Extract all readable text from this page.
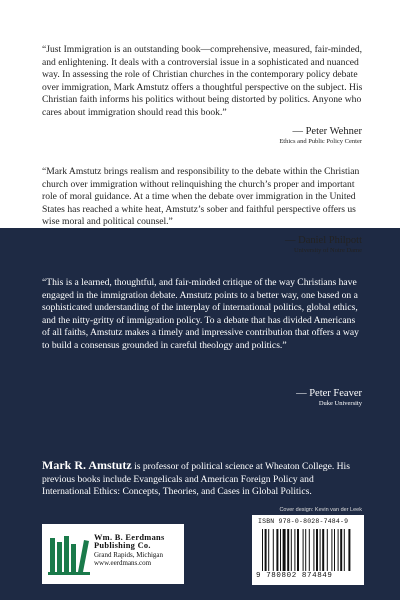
“Just Immigration is an outstanding book—comprehensive, measured, fair-minded, and enlightening. It deals with a controversial issue in a sophisticated and nuanced way. In assessing the role of Christian churches in the contemporary policy debate over immigration, Mark Amstutz offers a thoughtful perspective on the subject. His Christian faith informs his politics without being distorted by politics. Anyone who cares about immigration should read this book.”
— Peter Wehner
Ethics and Public Policy Center
“Mark Amstutz brings realism and responsibility to the debate within the Christian church over immigration without relinquishing the church’s proper and important role of moral guidance. At a time when the debate over immigration in the United States has reached a white heat, Amstutz’s sober and faithful perspective offers us wise moral and political counsel.”
— Daniel Philpott
University of Notre Dame
“This is a learned, thoughtful, and fair-minded critique of the way Christians have engaged in the immigration debate. Amstutz points to a better way, one based on a sophisticated understanding of the interplay of international politics, global ethics, and the nitty-gritty of immigration policy. To a debate that has divided Americans of all faiths, Amstutz makes a timely and impressive contribution that offers a way to build a consensus grounded in careful theology and politics.”
— Peter Feaver
Duke University
Mark R. Amstutz is professor of political science at Wheaton College. His previous books include Evangelicals and American Foreign Policy and International Ethics: Concepts, Theories, and Cases in Global Politics.
Cover design: Kevin van der Leek
Wm. B. Eerdmans
Publishing Co.
Grand Rapids, Michigan
www.eerdmans.com
ISBN 978-0-8028-7484-9
9 780802 874849
